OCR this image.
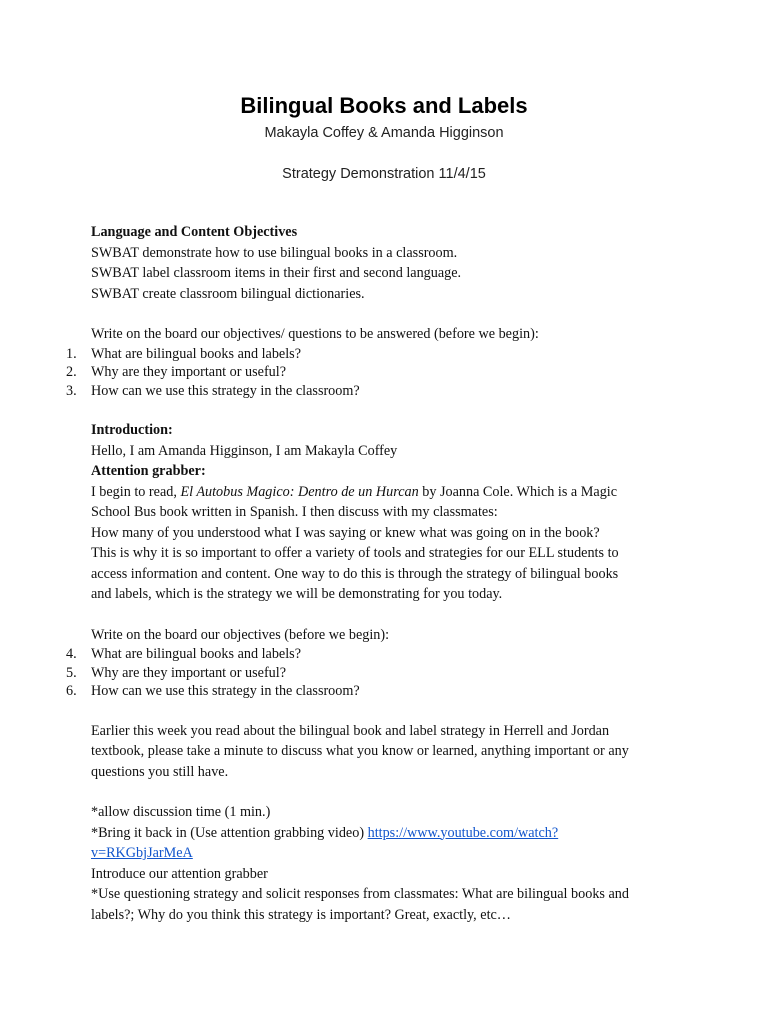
Bilingual Books and Labels
Makayla Coffey & Amanda Higginson
Strategy Demonstration 11/4/15
Language and Content Objectives
SWBAT demonstrate how to use bilingual books in a classroom.
SWBAT label classroom items in their first and second language.
SWBAT create classroom bilingual dictionaries.
Write on the board our objectives/ questions to be answered (before we begin):
1.	What are bilingual books and labels?
2.	Why are they important or useful?
3.	How can we use this strategy in the classroom?
Introduction:
Hello, I am Amanda Higginson, I am Makayla Coffey
Attention grabber:
I begin to read, El Autobus Magico: Dentro de un Hurcan by Joanna Cole. Which is a Magic
School Bus book written in Spanish. I then discuss with my classmates:
How many of you understood what I was saying or knew what was going on in the book?
This is why it is so important to offer a variety of tools and strategies for our ELL students to
access information and content. One way to do this is through the strategy of bilingual books
and labels, which is the strategy we will be demonstrating for you today.
Write on the board our objectives (before we begin):
4.	What are bilingual books and labels?
5.	Why are they important or useful?
6.	How can we use this strategy in the classroom?
Earlier this week you read about the bilingual book and label strategy in Herrell and Jordan
textbook, please take a minute to discuss what you know or learned, anything important or any
questions you still have.
*allow discussion time (1 min.)
*Bring it back in (Use attention grabbing video) https://www.youtube.com/watch?
v=RKGbjJarMeA
Introduce our attention grabber
*Use questioning strategy and solicit responses from classmates: What are bilingual books and
labels?; Why do you think this strategy is important? Great, exactly, etc…
